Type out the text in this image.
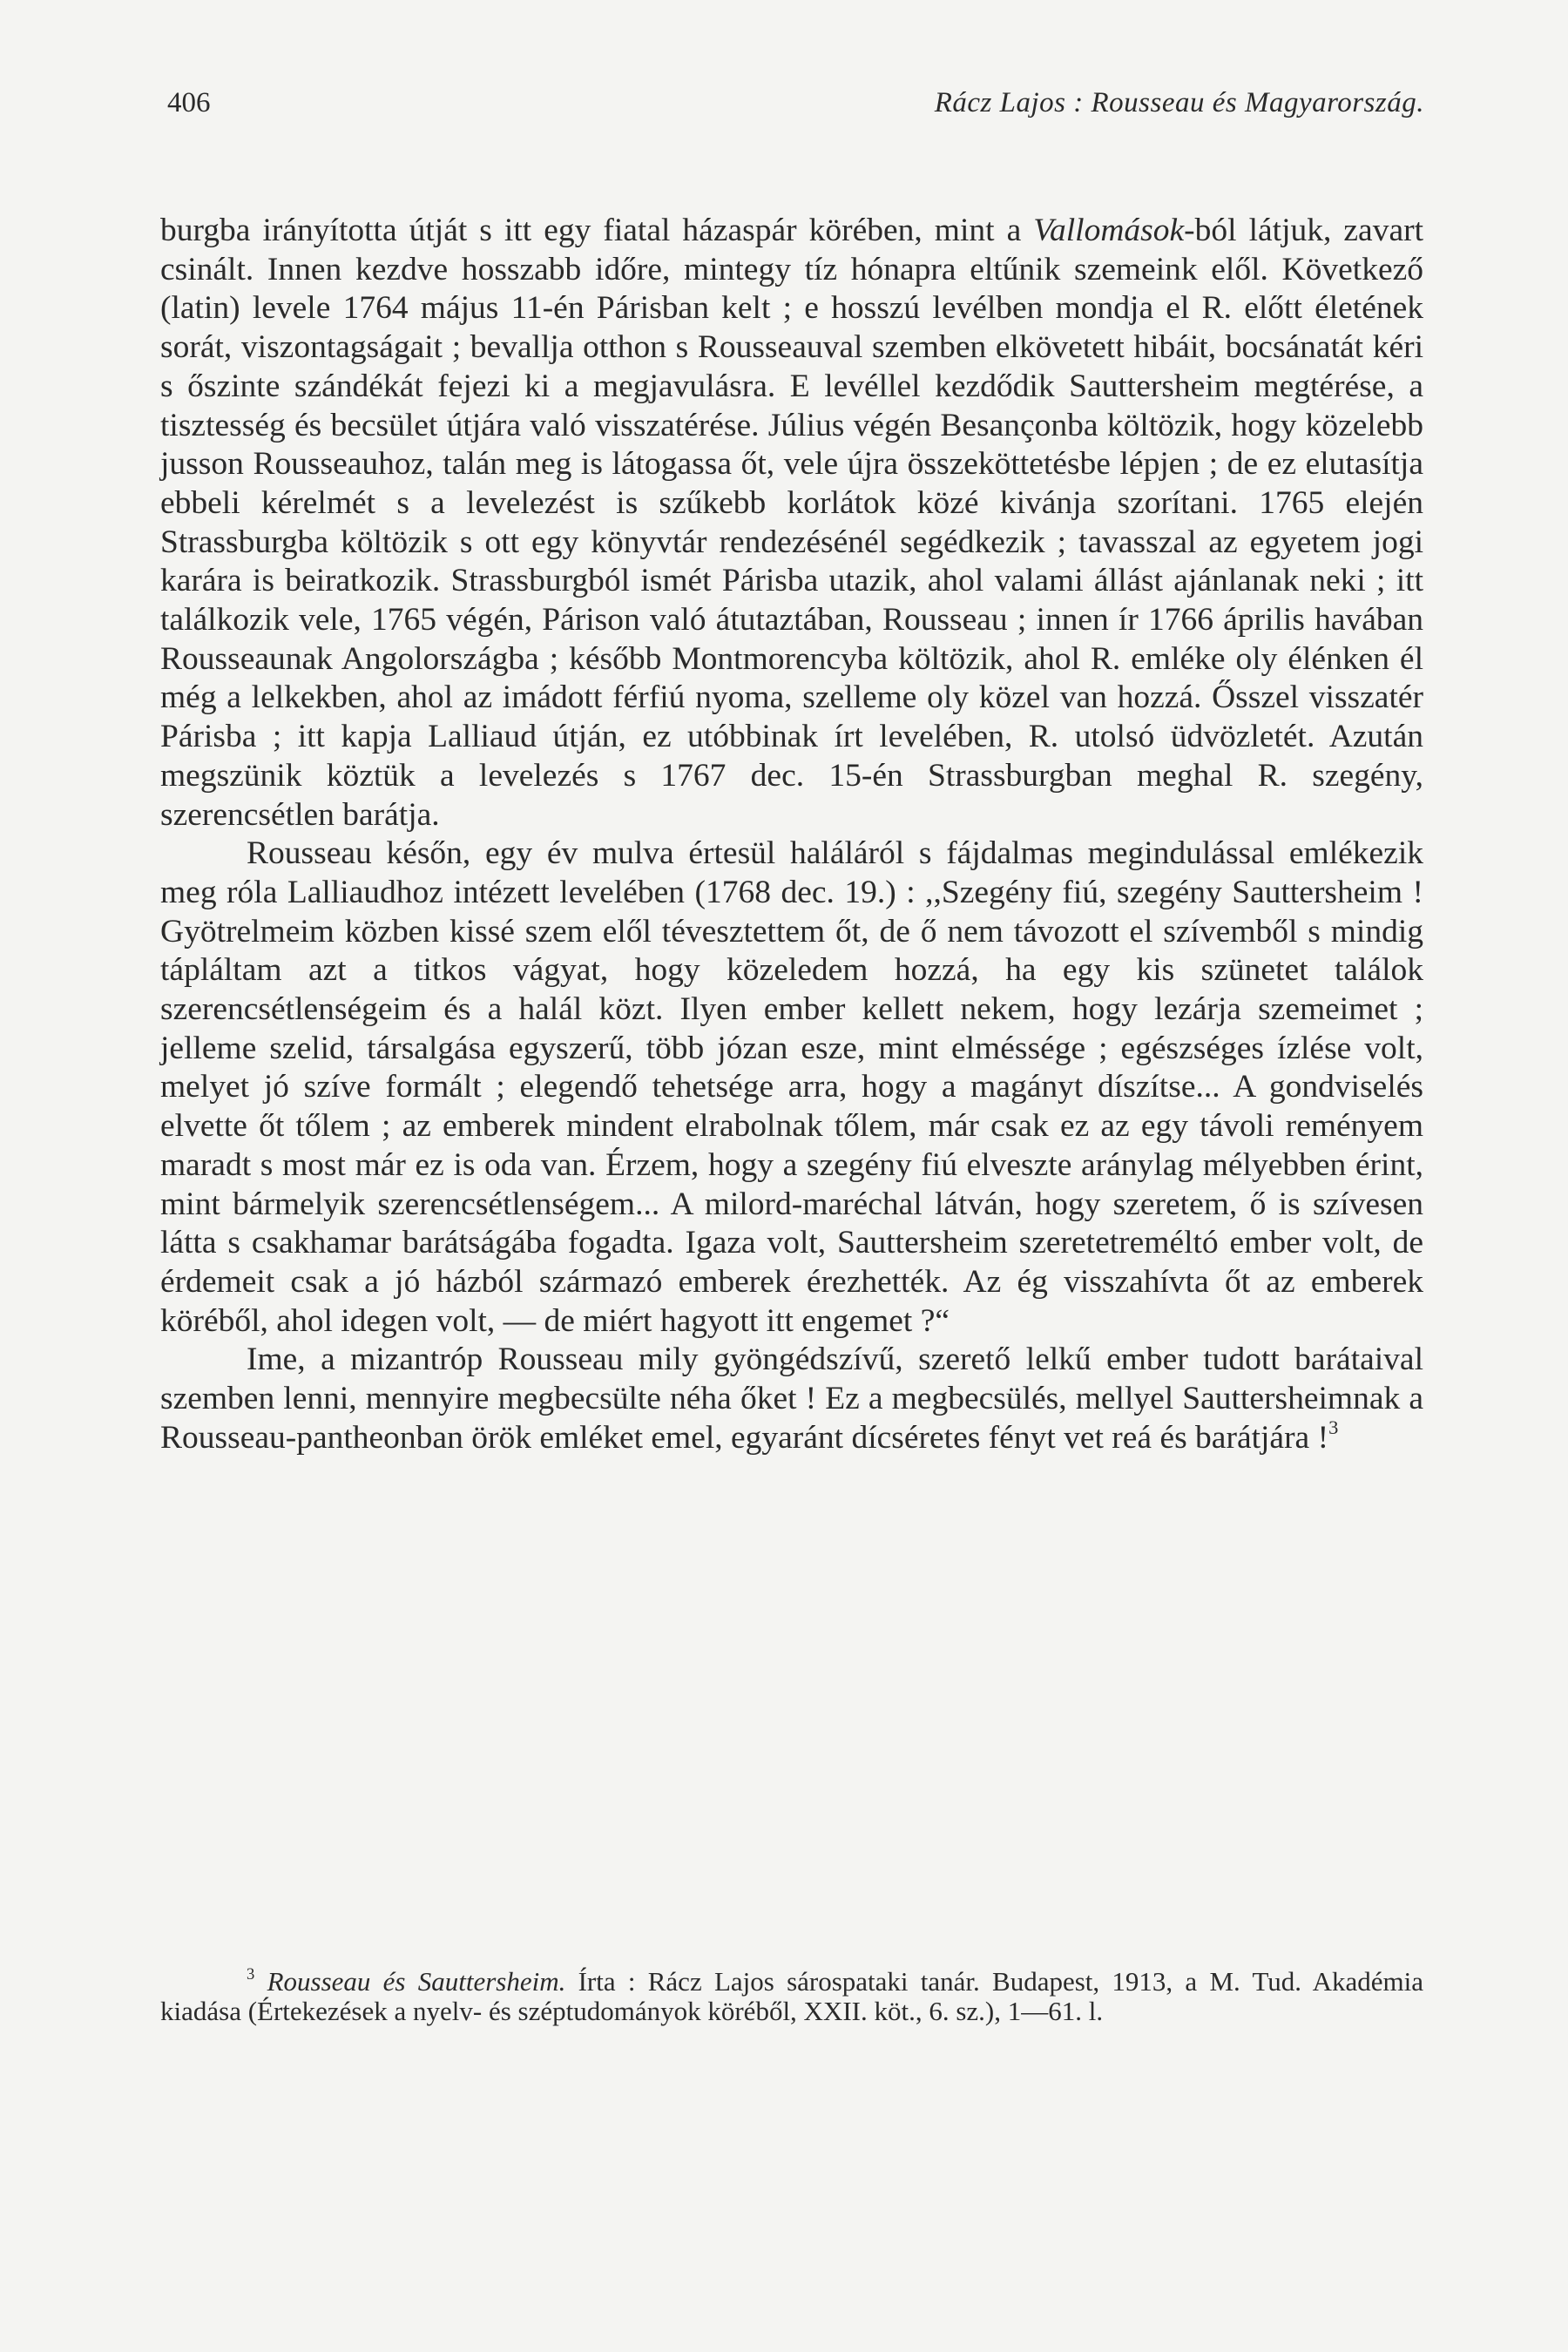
406	Rácz Lajos : Rousseau és Magyarország.

burgba irányította útját s itt egy fiatal házaspár körében, mint a Vallomások-ból látjuk, zavart csinált. Innen kezdve hosszabb időre, mintegy tíz hónapra eltűnik szemeink elől. Következő (latin) levele 1764 május 11-én Párisban kelt ; e hosszú levélben mondja el R. előtt életének sorát, viszontagságait ; bevallja otthon s Rousseauval szemben elkövetett hibáit, bocsánatát kéri s őszinte szándékát fejezi ki a megjavulásra. E levéllel kezdődik Sauttersheim megtérése, a tisztesség és becsület útjára való visszatérése. Július végén Besançonba költözik, hogy közelebb jusson Rousseauhoz, talán meg is látogassa őt, vele újra összeköttetésbe lépjen ; de ez elutasítja ebbeli kérelmét s a levelezést is szűkebb korlátok közé kivánja szorítani. 1765 elején Strassburgba költözik s ott egy könyvtár rendezésénél segédkezik ; tavasszal az egyetem jogi karára is beiratkozik. Strassburgból ismét Párisba utazik, ahol valami állást ajánlanak neki ; itt találkozik vele, 1765 végén, Párison való átutaztában, Rousseau ; innen ír 1766 április havában Rousseaunak Angolországba ; később Montmorencyba költözik, ahol R. emléke oly élénken él még a lelkekben, ahol az imádott férfiú nyoma, szelleme oly közel van hozzá. Ősszel visszatér Párisba ; itt kapja Lalliaud útján, ez utóbbinak írt levelében, R. utolsó üdvözletét. Azután megszünik köztük a levelezés s 1767 dec. 15-én Strassburgban meghal R. szegény, szerencsétlen barátja.

Rousseau későn, egy év mulva értesül haláláról s fájdalmas megindulással emlékezik meg róla Lalliaudhoz intézett levelében (1768 dec. 19.) : ,,Szegény fiú, szegény Sauttersheim ! Gyötrelmeim közben kissé szem elől tévesztettem őt, de ő nem távozott el szívemből s mindig tápláltam azt a titkos vágyat, hogy közeledem hozzá, ha egy kis szünetet találok szerencsétlenségeim és a halál közt. Ilyen ember kellett nekem, hogy lezárja szemeimet ; jelleme szelid, társalgása egyszerű, több józan esze, mint elméssége ; egészséges ízlése volt, melyet jó szíve formált ; elegendő tehetsége arra, hogy a magányt díszítse... A gondviselés elvette őt tőlem ; az emberek mindent elrabolnak tőlem, már csak ez az egy távoli reményem maradt s most már ez is oda van. Érzem, hogy a szegény fiú elveszte aránylag mélyebben érint, mint bármelyik szerencsétlenségem... A milord-maréchal látván, hogy szeretem, ő is szívesen látta s csakhamar barátságába fogadta. Igaza volt, Sauttersheim szeretetreméltó ember volt, de érdemeit csak a jó házból származó emberek érezhették. Az ég visszahívta őt az emberek köréből, ahol idegen volt, — de miért hagyott itt engemet ?“

Ime, a mizantróp Rousseau mily gyöngédszívű, szerető lelkű ember tudott barátaival szemben lenni, mennyire megbecsülte néha őket ! Ez a megbecsülés, mellyel Sauttersheimnak a Rousseau-pantheonban örök emléket emel, egyaránt dícséretes fényt vet reá és barátjára !$^3$

$^3$ Rousseau és Sauttersheim. Írta : Rácz Lajos sárospataki tanár. Budapest, 1913, a M. Tud. Akadémia kiadása (Értekezések a nyelv- és széptudományok köréből, XXII. köt., 6. sz.), 1—61. l.
